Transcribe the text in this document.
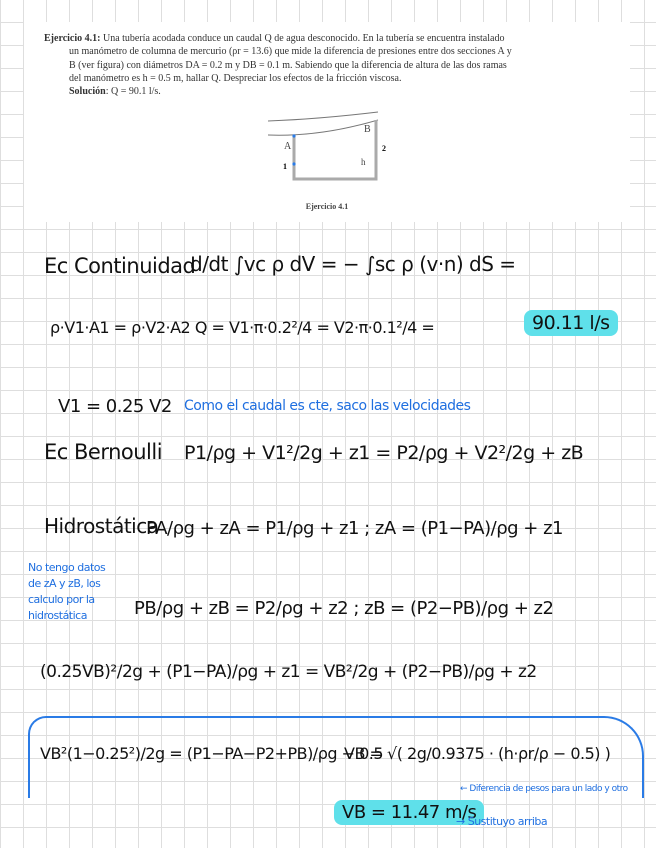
Ejercicio 4.1: Una tubería acodada conduce un caudal Q de agua desconocido. En la tubería se encuentra instalado
un manómetro de columna de mercurio (ρr = 13.6) que mide la diferencia de presiones entre dos secciones A y
B (ver figura) con diámetros DA = 0.2 m y DB = 0.1 m. Sabiendo que la diferencia de altura de las dos ramas
del manómetro es h = 0.5 m, hallar Q. Despreciar los efectos de la fricción viscosa.
Solución: Q = 90.1 l/s.
A
B
h
1
2
Ejercicio 4.1
Ec Continuidad
d/dt ∫vc ρ dV = − ∫sc ρ (v·n) dS =
ρ·V1·A1 = ρ·V2·A2 Q = V1·π·0.2²/4 = V2·π·0.1²/4 =	90.11 l/s
V1 = 0.25 V2 Como el caudal es cte, saco las velocidades
Ec Bernoulli P1/ρg + V1²/2g + z1 = P2/ρg + V2²/2g + zB
Hidrostática
PA/ρg + zA = P1/ρg + z1 ; zA = (P1−PA)/ρg + z1
No tengo datos de zA y zB, los calculo por la hidrostática	PB/ρg + zB = P2/ρg + z2 ; zB = (P2−PB)/ρg + z2
(0.25VB)²/2g + (P1−PA)/ρg + z1 = VB²/2g + (P2−PB)/ρg + z2
VB²(1−0.25²)/2g = (P1−PA−P2+PB)/ρg − 0.5
VB = √( 2g/0.9375 · (h·ρr/ρ − 0.5) )
← Diferencia de pesos para un lado y otro
VB = 11.47 m/s
→ Sustituyo arriba
